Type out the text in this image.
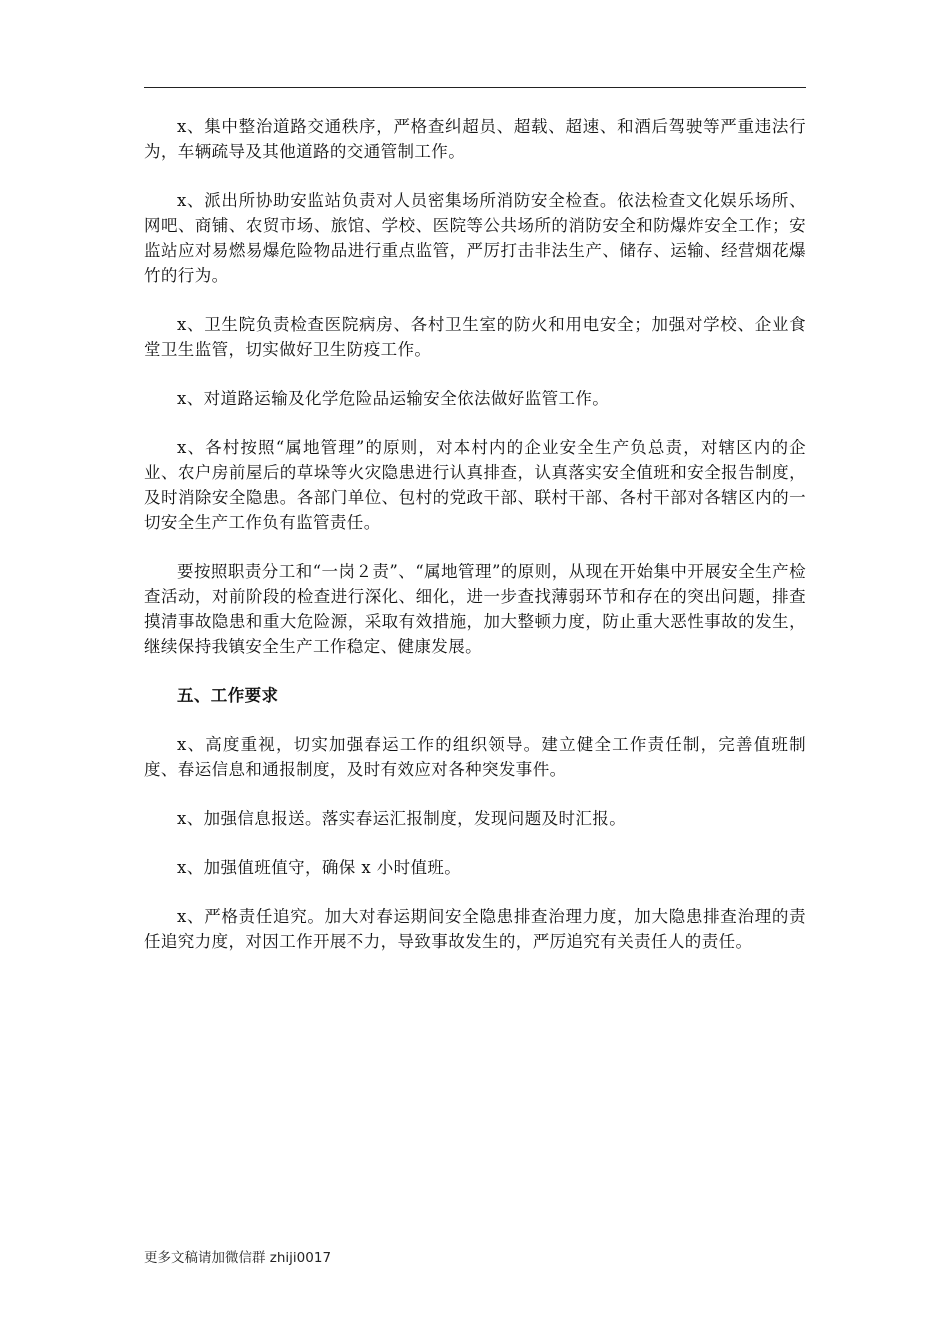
x、集中整治道路交通秩序，严格查纠超员、超载、超速、和酒后驾驶等严重违法行为，车辆疏导及其他道路的交通管制工作。

x、派出所协助安监站负责对人员密集场所消防安全检查。依法检查文化娱乐场所、网吧、商铺、农贸市场、旅馆、学校、医院等公共场所的消防安全和防爆炸安全工作；安监站应对易燃易爆危险物品进行重点监管，严厉打击非法生产、储存、运输、经营烟花爆竹的行为。

x、卫生院负责检查医院病房、各村卫生室的防火和用电安全；加强对学校、企业食堂卫生监管，切实做好卫生防疫工作。

x、对道路运输及化学危险品运输安全依法做好监管工作。

x、各村按照“属地管理”的原则，对本村内的企业安全生产负总责，对辖区内的企业、农户房前屋后的草垛等火灾隐患进行认真排查，认真落实安全值班和安全报告制度，及时消除安全隐患。各部门单位、包村的党政干部、联村干部、各村干部对各辖区内的一切安全生产工作负有监管责任。

要按照职责分工和“一岗２责”、“属地管理”的原则，从现在开始集中开展安全生产检查活动，对前阶段的检查进行深化、细化，进一步查找薄弱环节和存在的突出问题，排查摸清事故隐患和重大危险源，采取有效措施，加大整顿力度，防止重大恶性事故的发生，继续保持我镇安全生产工作稳定、健康发展。

五、工作要求

x、高度重视，切实加强春运工作的组织领导。建立健全工作责任制，完善值班制度、春运信息和通报制度，及时有效应对各种突发事件。

x、加强信息报送。落实春运汇报制度，发现问题及时汇报。

x、加强值班值守，确保 x 小时值班。

x、严格责任追究。加大对春运期间安全隐患排查治理力度，加大隐患排查治理的责任追究力度，对因工作开展不力，导致事故发生的，严厉追究有关责任人的责任。

更多文稿请加微信群 zhiji0017
